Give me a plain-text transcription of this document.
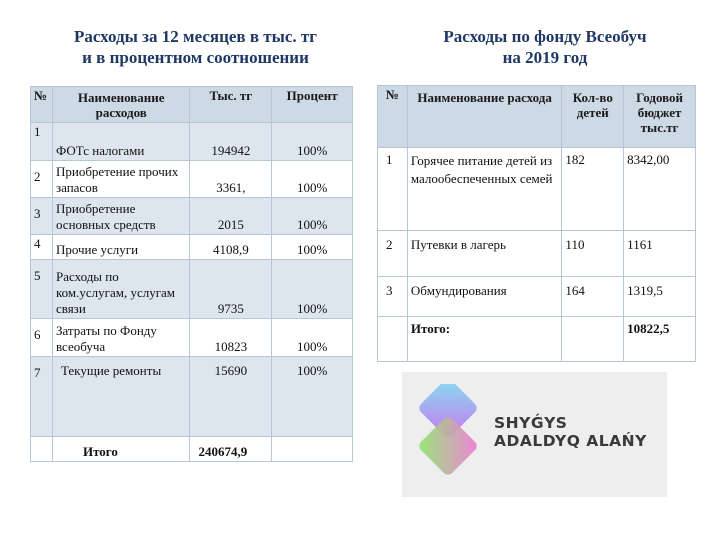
Расходы за 12 месяцев в тыс. тг
и в процентном соотношении
Расходы по фонду Всеобуч
на 2019 год
№	Наименование расходов	Тыс. тг	Процент
1	ФОТс налогами	194942	100%
2	Приобретение прочих запасов	3361,	100%
3	Приобретение основных средств	2015	100%
4	Прочие услуги	4108,9	100%
5	Расходы по ком.услугам, услугам связи	9735	100%
6	Затраты по Фонду всеобуча	10823	100%
7	Текущие ремонты	15690	100%
	Итого	240674,9	
№	Наименование расхода	Кол-во детей	Годовой бюджет тыс.тг
1	Горячее питание детей из малообеспеченных семей	182	8342,00
2	Путевки в лагерь	110	1161
3	Обмундирования	164	1319,5
	Итого:		10822,5
SHYǴYS
ADALDYQ ALAŃY
